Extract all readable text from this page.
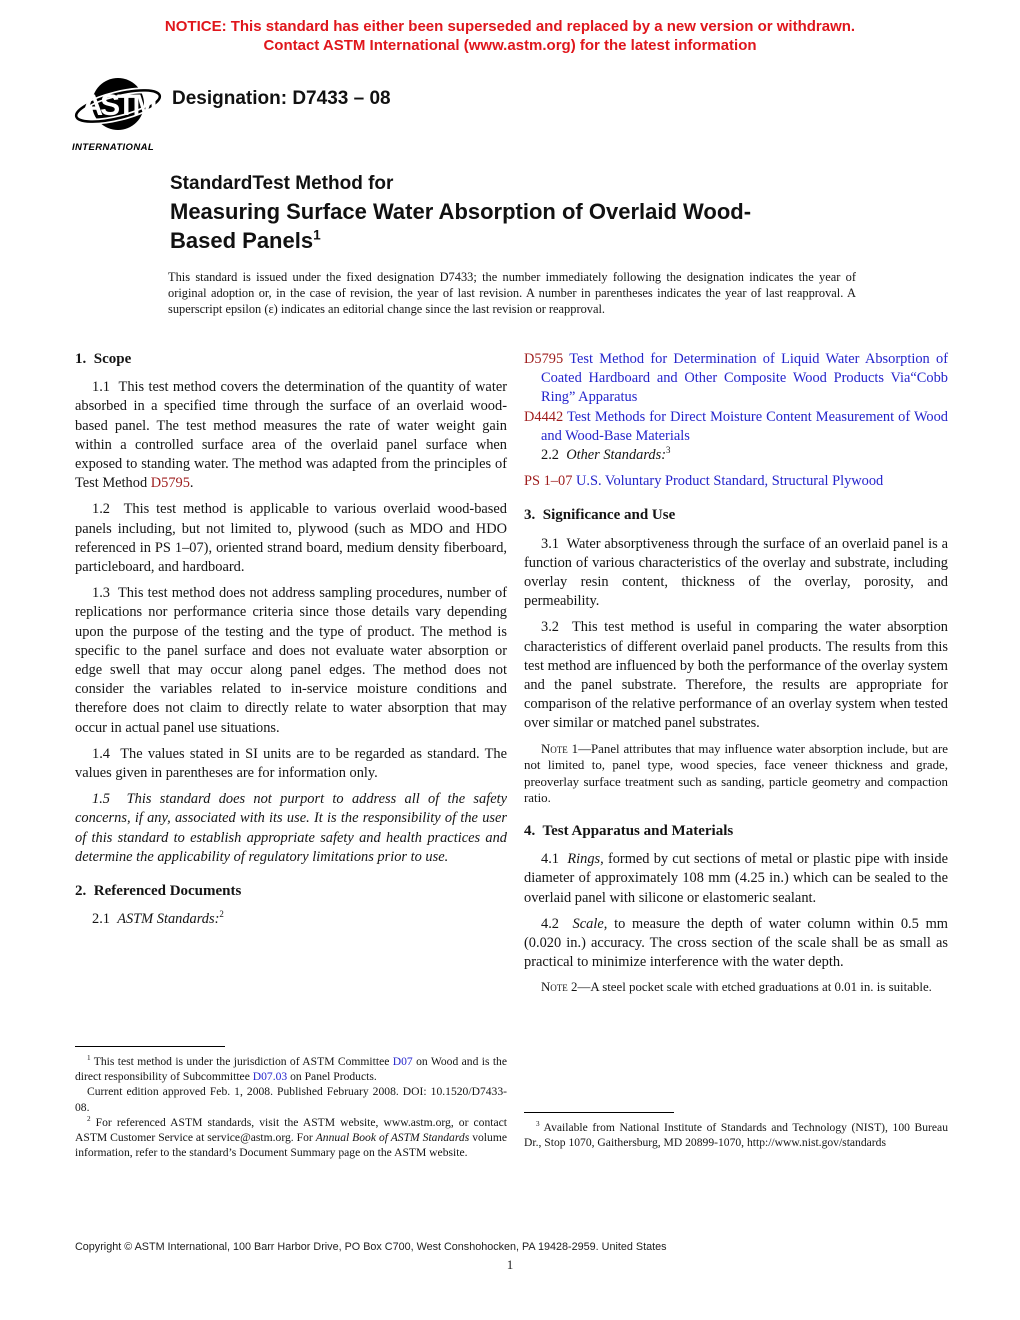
NOTICE: This standard has either been superseded and replaced by a new version or withdrawn.
Contact ASTM International (www.astm.org) for the latest information
ASTM
INTERNATIONAL
Designation: D7433 – 08
StandardTest Method for
Measuring Surface Water Absorption of Overlaid Wood-
Based Panels$^1$
This standard is issued under the fixed designation D7433; the number immediately following the designation indicates the year of original adoption or, in the case of revision, the year of last revision. A number in parentheses indicates the year of last reapproval. A superscript epsilon (ε) indicates an editorial change since the last revision or reapproval.
1.  Scope

1.1  This test method covers the determination of the quantity of water absorbed in a specified time through the surface of an overlaid wood-based panel. The test method measures the rate of water weight gain within a controlled surface area of the overlaid panel surface when exposed to standing water. The method was adapted from the principles of Test Method D5795.

1.2  This test method is applicable to various overlaid wood-based panels including, but not limited to, plywood (such as MDO and HDO referenced in PS 1–07), oriented strand board, medium density fiberboard, particleboard, and hardboard.

1.3  This test method does not address sampling procedures, number of replications nor performance criteria since those details vary depending upon the purpose of the testing and the type of product. The method is specific to the panel surface and does not evaluate water absorption or edge swell that may occur along panel edges. The method does not consider the variables related to in-service moisture conditions and therefore does not claim to directly relate to water absorption that may occur in actual panel use situations.

1.4  The values stated in SI units are to be regarded as standard. The values given in parentheses are for information only.

1.5  This standard does not purport to address all of the safety concerns, if any, associated with its use. It is the responsibility of the user of this standard to establish appropriate safety and health practices and determine the applicability of regulatory limitations prior to use.

2.  Referenced Documents

2.1  ASTM Standards:$^2$

D5795 Test Method for Determination of Liquid Water Absorption of Coated Hardboard and Other Composite Wood Products Via“Cobb Ring” Apparatus

D4442 Test Methods for Direct Moisture Content Measurement of Wood and Wood-Base Materials

2.2  Other Standards:$^3$

PS 1–07 U.S. Voluntary Product Standard, Structural Plywood

3.  Significance and Use

3.1  Water absorptiveness through the surface of an overlaid panel is a function of various characteristics of the overlay and substrate, including overlay resin content, thickness of the overlay, porosity, and permeability.

3.2  This test method is useful in comparing the water absorption characteristics of different overlaid panel products. The results from this test method are influenced by both the performance of the overlay system and the panel substrate. Therefore, the results are appropriate for comparison of the relative performance of an overlay system when tested over similar or matched panel substrates.

Note 1—Panel attributes that may influence water absorption include, but are not limited to, panel type, wood species, face veneer thickness and grade, preoverlay surface treatment such as sanding, particle geometry and compaction ratio.

4.  Test Apparatus and Materials

4.1  Rings, formed by cut sections of metal or plastic pipe with inside diameter of approximately 108 mm (4.25 in.) which can be sealed to the overlaid panel with silicone or elastomeric sealant.

4.2  Scale, to measure the depth of water column within 0.5 mm (0.020 in.) accuracy. The cross section of the scale shall be as small as practical to minimize interference with the water depth.

Note 2—A steel pocket scale with etched graduations at 0.01 in. is suitable.

$^1$ This test method is under the jurisdiction of ASTM Committee D07 on Wood and is the direct responsibility of Subcommittee D07.03 on Panel Products.

Current edition approved Feb. 1, 2008. Published February 2008. DOI: 10.1520/D7433-08.

$^2$ For referenced ASTM standards, visit the ASTM website, www.astm.org, or contact ASTM Customer Service at service@astm.org. For Annual Book of ASTM Standards volume information, refer to the standard’s Document Summary page on the ASTM website.

$^3$ Available from National Institute of Standards and Technology (NIST), 100 Bureau Dr., Stop 1070, Gaithersburg, MD 20899-1070, http://www.nist.gov/standards

Copyright © ASTM International, 100 Barr Harbor Drive, PO Box C700, West Conshohocken, PA 19428-2959. United States
1
